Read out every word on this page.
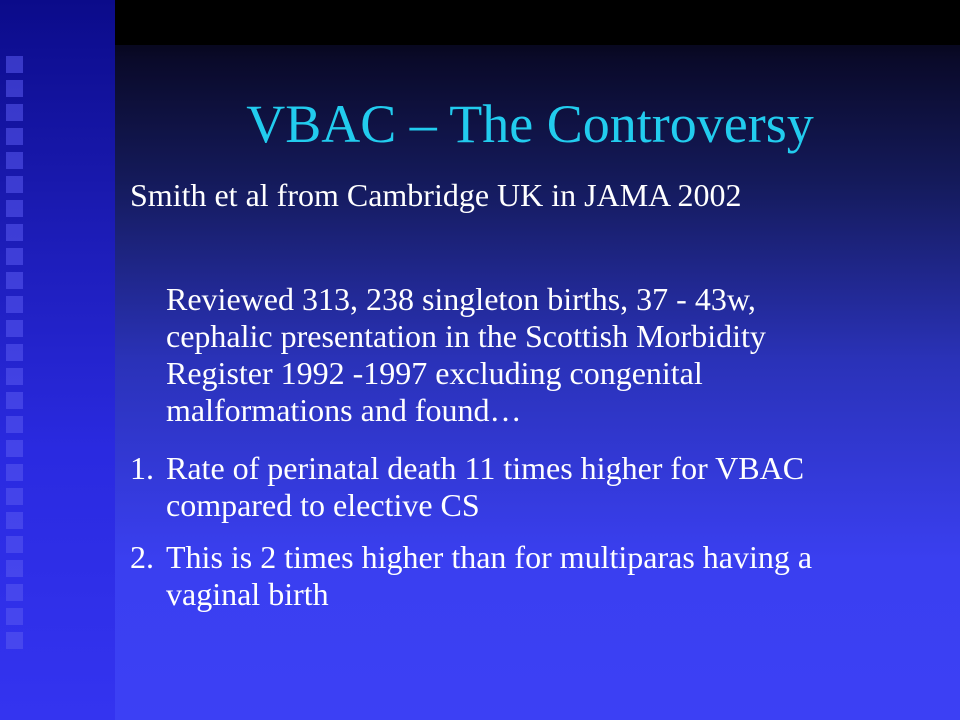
VBAC – The Controversy
Smith et al from Cambridge UK in JAMA 2002
Reviewed 313, 238 singleton births, 37 - 43w,
cephalic presentation in the Scottish Morbidity
Register 1992 -1997 excluding congenital
malformations and found…
1. Rate of perinatal death 11 times higher for VBAC
compared to elective CS
2. This is 2 times higher than for multiparas having a
vaginal birth
